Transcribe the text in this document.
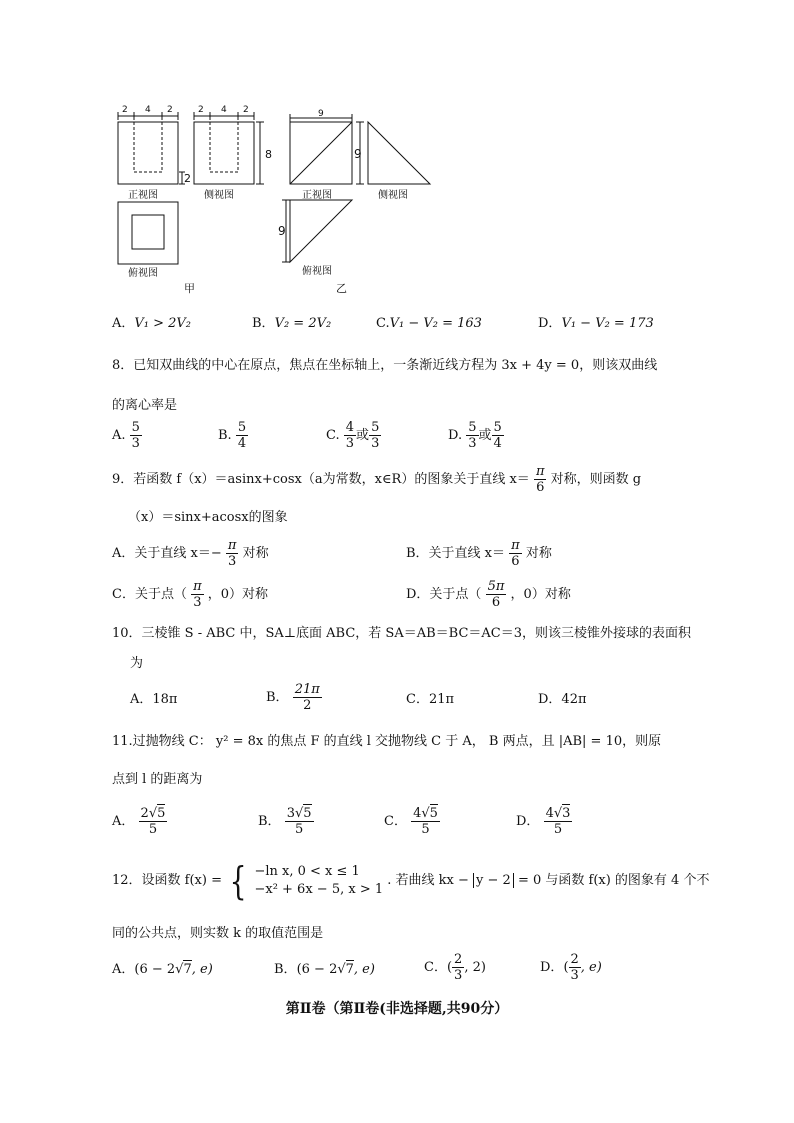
2 4 2	2 4 2
8
2
正视图	侧视图
俯视图
甲
9
9
9
正视图	侧视图
俯视图
乙
A．V₁ > 2V₂	B．V₂ = 2V₂	C.V₁ − V₂ = 163	D．V₁ − V₂ = 173
8．已知双曲线的中心在原点，焦点在坐标轴上，一条渐近线方程为 3x + 4y = 0，则该双曲线
的离心率是
A. $\frac{5}{3}$	B. $\frac{5}{4}$	C. $\frac{4}{3}$ 或 $\frac{5}{3}$	D. $\frac{5}{3}$ 或 $\frac{5}{4}$
9．若函数 f（x）＝asinx+cosx（a为常数，x∈R）的图象关于直线 $x= \frac{\pi}{6}$ 对称，则函数 g
（x）＝sinx+acosx的图象
A．关于直线 $x=- \frac{\pi}{3}$ 对称	B．关于直线 $x= \frac{\pi}{6}$ 对称
C．关于点（ $\frac{\pi}{3}$ ，0）对称	D．关于点（ $\frac{5\pi}{6}$ ，0）对称
10．三棱锥 S - ABC 中，SA⊥底面 ABC，若 SA＝AB＝BC＝AC＝3，则该三棱锥外接球的表面积
为
A．18π	B． $\frac{21\pi}{2}$	C．21π	D．42π
11.过抛物线 C： y² = 8x 的焦点 F 的直线 l 交抛物线 C 于 A， B 两点，且 |AB| = 10，则原
点到 l 的距离为
A． $\frac{2√5}{5}$	B． $\frac{3√5}{5}$	C． $\frac{4√5}{5}$	D． $\frac{4√3}{5}$
12．设函数 f(x) = { −ln x, 0 < x ≤ 1
−x² + 6x − 5, x > 1
. 若曲线 kx − y − 2 = 0 与函数 f(x) 的图象有 4 个不
同的公共点，则实数 k 的取值范围是
A．(6 − 2√7, e)	B．(6 − 2√7, e)	C．( $\frac{2}{3}$ , 2)	D．( $\frac{2}{3}$ , e)
第Ⅱ卷（第Ⅱ卷(非选择题,共90分）
